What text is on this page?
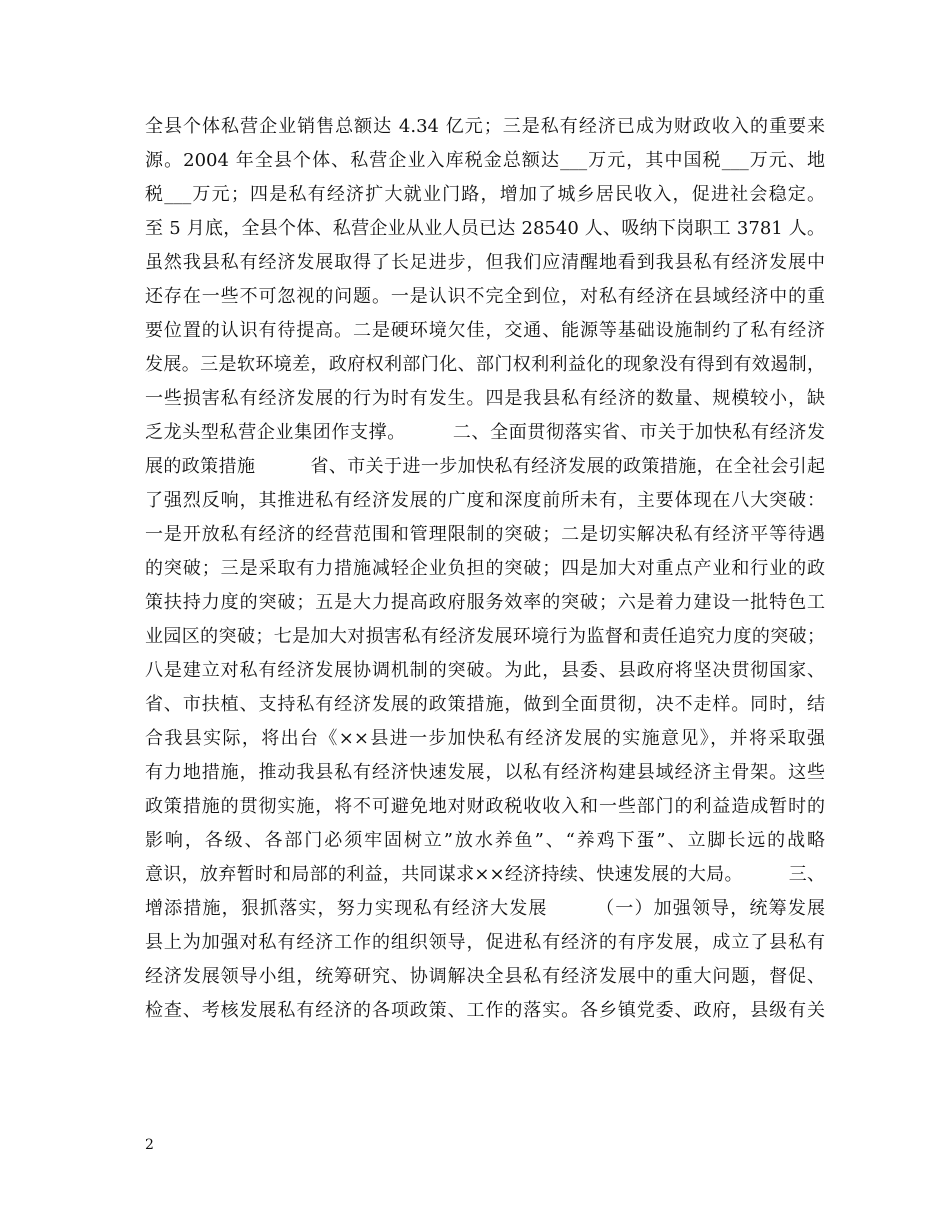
全县个体私营企业销售总额达 4.34 亿元；三是私有经济已成为财政收入的重要来
源。2004 年全县个体、私营企业入库税金总额达___万元，其中国税___万元、地
税___万元；四是私有经济扩大就业门路，增加了城乡居民收入，促进社会稳定。
至 5 月底，全县个体、私营企业从业人员已达 28540 人、吸纳下岗职工 3781 人。
虽然我县私有经济发展取得了长足进步，但我们应清醒地看到我县私有经济发展中
还存在一些不可忽视的问题。一是认识不完全到位，对私有经济在县域经济中的重
要位置的认识有待提高。二是硬环境欠佳，交通、能源等基础设施制约了私有经济
发展。三是软环境差，政府权利部门化、部门权利利益化的现象没有得到有效遏制，
一些损害私有经济发展的行为时有发生。四是我县私有经济的数量、规模较小，缺
乏龙头型私营企业集团作支撑。　　　二、全面贯彻落实省、市关于加快私有经济发
展的政策措施　　　省、市关于进一步加快私有经济发展的政策措施，在全社会引起
了强烈反响，其推进私有经济发展的广度和深度前所未有，主要体现在八大突破：
一是开放私有经济的经营范围和管理限制的突破；二是切实解决私有经济平等待遇
的突破；三是采取有力措施减轻企业负担的突破；四是加大对重点产业和行业的政
策扶持力度的突破；五是大力提高政府服务效率的突破；六是着力建设一批特色工
业园区的突破；七是加大对损害私有经济发展环境行为监督和责任追究力度的突破；
八是建立对私有经济发展协调机制的突破。为此，县委、县政府将坚决贯彻国家、
省、市扶植、支持私有经济发展的政策措施，做到全面贯彻，决不走样。同时，结
合我县实际，将出台《××县进一步加快私有经济发展的实施意见》，并将采取强
有力地措施，推动我县私有经济快速发展，以私有经济构建县域经济主骨架。这些
政策措施的贯彻实施，将不可避免地对财政税收收入和一些部门的利益造成暂时的
影响，各级、各部门必须牢固树立”放水养鱼”、“养鸡下蛋”、立脚长远的战略
意识，放弃暂时和局部的利益，共同谋求××经济持续、快速发展的大局。　　　三、
增添措施，狠抓落实，努力实现私有经济大发展　　　（一）加强领导，统筹发展
县上为加强对私有经济工作的组织领导，促进私有经济的有序发展，成立了县私有
经济发展领导小组，统筹研究、协调解决全县私有经济发展中的重大问题，督促、
检查、考核发展私有经济的各项政策、工作的落实。各乡镇党委、政府，县级有关
2
